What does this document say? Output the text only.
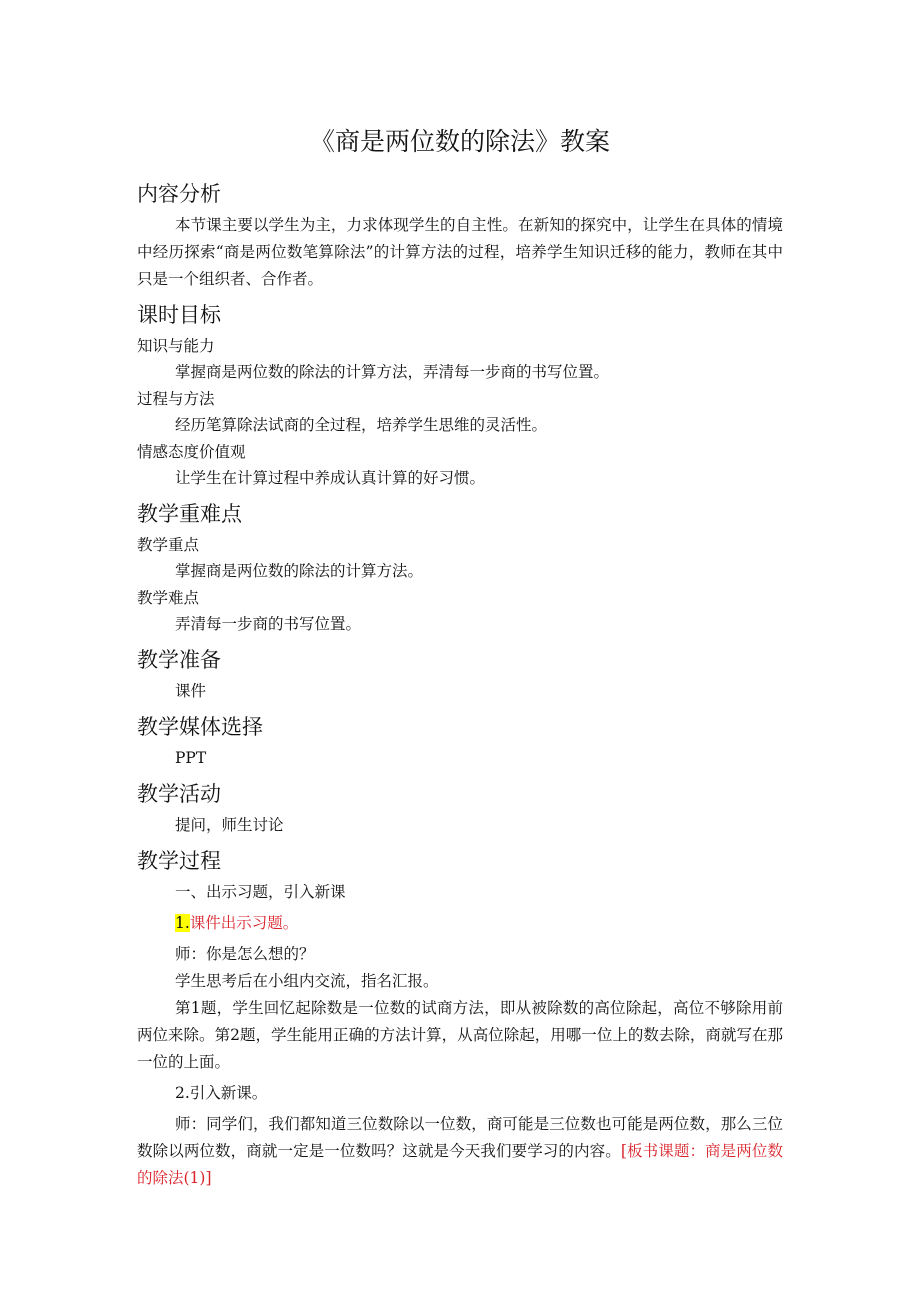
《商是两位数的除法》教案
内容分析

本节课主要以学生为主，力求体现学生的自主性。在新知的探究中，让学生在具体的情境中经历探索“商是两位数笔算除法”的计算方法的过程，培养学生知识迁移的能力，教师在其中只是一个组织者、合作者。

课时目标
知识与能力

掌握商是两位数的除法的计算方法，弄清每一步商的书写位置。

过程与方法

经历笔算除法试商的全过程，培养学生思维的灵活性。

情感态度价值观

让学生在计算过程中养成认真计算的好习惯。

教学重难点
教学重点

掌握商是两位数的除法的计算方法。

教学难点

弄清每一步商的书写位置。

教学准备

课件

教学媒体选择

PPT

教学活动

提问，师生讨论

教学过程

一、出示习题，引入新课

1.课件出示习题。

师：你是怎么想的？

学生思考后在小组内交流，指名汇报。

第1题，学生回忆起除数是一位数的试商方法，即从被除数的高位除起，高位不够除用前两位来除。第2题，学生能用正确的方法计算，从高位除起，用哪一位上的数去除，商就写在那一位的上面。

2.引入新课。

师：同学们，我们都知道三位数除以一位数，商可能是三位数也可能是两位数，那么三位数除以两位数，商就一定是一位数吗？这就是今天我们要学习的内容。[板书课题：商是两位数的除法(1)]
